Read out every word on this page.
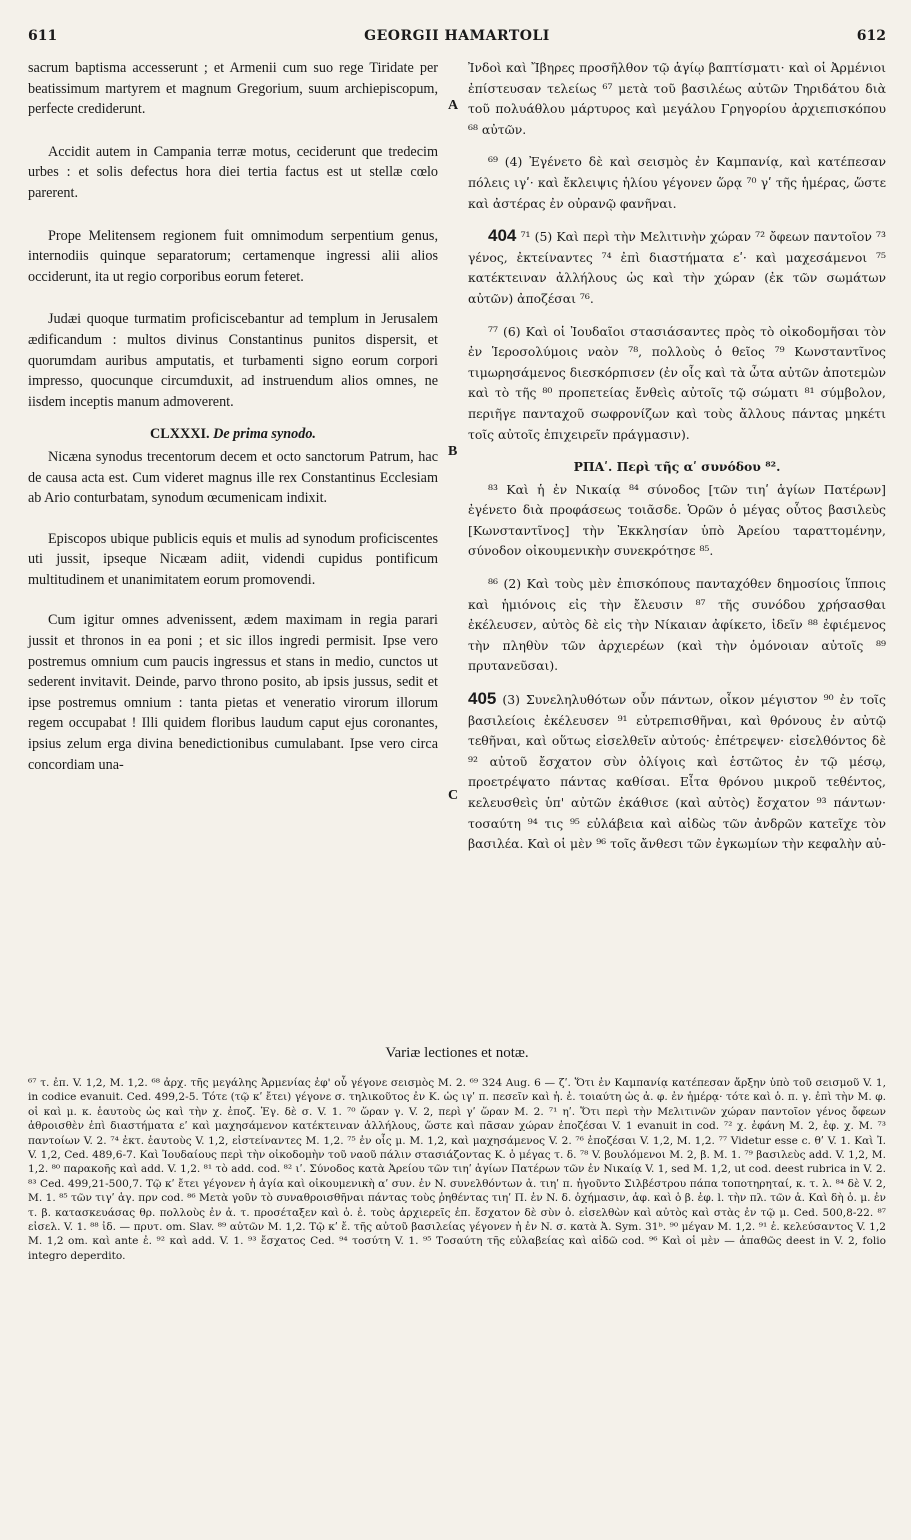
611	GEORGII HAMARTOLI	612

sacrum baptisma accesserunt ; et Armenii cum suo rege Tiridate per beatissimum martyrem et magnum Gregorium, suum archiepiscopum, perfecte crediderunt.

Accidit autem in Campania terræ motus, ceciderunt que tredecim urbes : et solis defectus hora diei tertia factus est ut stellæ cœlo parerent.

Prope Melitensem regionem fuit omnimodum serpentium genus, internodiis quinque separatorum; certamenque ingressi alii alios occiderunt, ita ut regio corporibus eorum feteret.

Judæi quoque turmatim proficiscebantur ad templum in Jerusalem ædificandum : multos divinus Constantinus punitos dispersit, et quorumdam auribus amputatis, et turbamenti signo eorum corpori impresso, quocunque circumduxit, ad instruendum alios omnes, ne iisdem inceptis manum admoverent.

CLXXXI. De prima synodo.

Nicæna synodus trecentorum decem et octo sanctorum Patrum, hac de causa acta est. Cum videret magnus ille rex Constantinus Ecclesiam ab Ario conturbatam, synodum œcumenicam indixit.

Episcopos ubique publicis equis et mulis ad synodum proficiscentes uti jussit, ipseque Nicæam adiit, videndi cupidus pontificum multitudinem et unanimitatem eorum promovendi.

Cum igitur omnes advenissent, ædem maximam in regia parari jussit et thronos in ea poni ; et sic illos ingredi permisit. Ipse vero postremus omnium cum paucis ingressus et stans in medio, cunctos ut sederent invitavit. Deinde, parvo throno posito, ab ipsis jussus, sedit et ipse postremus omnium : tanta pietas et veneratio virorum illorum regem occupabat ! Illi quidem floribus laudum caput ejus coronantes, ipsius zelum erga divina benedictionibus cumulabant. Ipse vero circa concordiam una-

A
B
C

Ἰνδοὶ καὶ Ἴβηρες προσῆλθον τῷ ἁγίῳ βαπτίσματι· καὶ οἱ Ἀρμένιοι ἐπίστευσαν τελείως ⁶⁷ μετὰ τοῦ βασιλέως αὐτῶν Τηριδάτου διὰ τοῦ πολυάθλου μάρτυρος καὶ μεγάλου Γρηγορίου ἀρχιεπισκόπου ⁶⁸ αὐτῶν.

⁶⁹ (4) Ἐγένετο δὲ καὶ σεισμὸς ἐν Καμπανίᾳ, καὶ κατέπεσαν πόλεις ιγʹ· καὶ ἔκλειψις ἡλίου γέγονεν ὥρᾳ ⁷⁰ γʹ τῆς ἡμέρας, ὥστε καὶ ἀστέρας ἐν οὐρανῷ φανῆναι.

404 ⁷¹ (5) Καὶ περὶ τὴν Μελιτινὴν χώραν ⁷² ὄφεων παντοῖον ⁷³ γένος, ἐκτείναντες ⁷⁴ ἐπὶ διαστήματα εʹ· καὶ μαχεσάμενοι ⁷⁵ κατέκτειναν ἀλλήλους ὡς καὶ τὴν χώραν (ἐκ τῶν σωμάτων αὐτῶν) ἀποζέσαι ⁷⁶.

⁷⁷ (6) Καὶ οἱ Ἰουδαῖοι στασιάσαντες πρὸς τὸ οἰκοδομῆσαι τὸν ἐν Ἱεροσολύμοις ναὸν ⁷⁸, πολλοὺς ὁ θεῖος ⁷⁹ Κωνσταντῖνος τιμωρησάμενος διεσκόρπισεν (ἐν οἷς καὶ τὰ ὦτα αὐτῶν ἀποτεμὼν καὶ τὸ τῆς ⁸⁰ προπετείας ἔνθεὶς αὐτοῖς τῷ σώματι ⁸¹ σύμβολον, περιῆγε πανταχοῦ σωφρονίζων καὶ τοὺς ἄλλους πάντας μηκέτι τοῖς αὐτοῖς ἐπιχειρεῖν πράγμασιν).

ΡΠΑʹ. Περὶ τῆς αʹ συνόδου ⁸².

⁸³ Καὶ ἡ ἐν Νικαίᾳ ⁸⁴ σύνοδος [τῶν τιηʹ ἁγίων Πατέρων] ἐγένετο διὰ προφάσεως τοιᾶσδε. Ὁρῶν ὁ μέγας οὗτος βασιλεὺς [Κωνσταντῖνος] τὴν Ἐκκλησίαν ὑπὸ Ἀρείου ταραττομένην, σύνοδον οἰκουμενικὴν συνεκρότησε ⁸⁵.

⁸⁶ (2) Καὶ τοὺς μὲν ἐπισκόπους πανταχόθεν δημοσίοις ἵπποις καὶ ἡμιόνοις εἰς τὴν ἔλευσιν ⁸⁷ τῆς συνόδου χρήσασθαι ἐκέλευσεν, αὐτὸς δὲ εἰς τὴν Νίκαιαν ἀφίκετο, ἰδεῖν ⁸⁸ ἐφιέμενος τὴν πληθὺν τῶν ἀρχιερέων (καὶ τὴν ὁμόνοιαν αὐτοῖς ⁸⁹ πρυτανεῦσαι).

405 (3) Συνεληλυθότων οὖν πάντων, οἶκον μέγιστον ⁹⁰ ἐν τοῖς βασιλείοις ἐκέλευσεν ⁹¹ εὐτρεπισθῆναι, καὶ θρόνους ἐν αὐτῷ τεθῆναι, καὶ οὕτως εἰσελθεῖν αὐτούς· ἐπέτρεψεν· εἰσελθόντος δὲ ⁹² αὐτοῦ ἔσχατον σὺν ὀλίγοις καὶ ἑστῶτος ἐν τῷ μέσῳ, προετρέψατο πάντας καθίσαι. Εἶτα θρόνου μικροῦ τεθέντος, κελευσθεὶς ὑπ' αὐτῶν ἐκάθισε (καὶ αὐτὸς) ἔσχατον ⁹³ πάντων· τοσαύτη ⁹⁴ τις ⁹⁵ εὐλάβεια καὶ αἰδὼς τῶν ἀνδρῶν κατεῖχε τὸν βασιλέα. Καὶ οἱ μὲν ⁹⁶ τοῖς ἄνθεσι τῶν ἐγκωμίων τὴν κεφαλὴν αὐ-

Variæ lectiones et notæ.

⁶⁷ τ. ἐπ. V. 1,2, M. 1,2. ⁶⁸ ἀρχ. τῆς μεγάλης Ἀρμενίας ἐφ' οὗ γέγονε σεισμὸς M. 2. ⁶⁹ 324 Aug. 6 — ζʹ. Ὅτι ἐν Καμπανίᾳ κατέπεσαν ἄρξην ὑπὸ τοῦ σεισμοῦ V. 1, in codice evanuit. Ced. 499,2-5. Τότε (τῷ κʹ ἔτει) γέγονε σ. τηλικοῦτος ἐν K. ὡς ιγʹ π. πεσεῖν καὶ ἡ. ἐ. τοιαύτη ὡς ἀ. φ. ἐν ἡμέρᾳ· τότε καὶ ὁ. π. γ. ἐπὶ τὴν M. φ. οἱ καὶ μ. κ. ἑαυτοὺς ὡς καὶ τὴν χ. ἐποζ. Ἐγ. δὲ σ. V. 1. ⁷⁰ ὥραν γ. V. 2, περὶ γʹ ὥραν M. 2. ⁷¹ ηʹ. Ὅτι περὶ τὴν Μελιτινῶν χώραν παντοῖον γένος ὄφεων ἀθροισθὲν ἐπὶ διαστήματα εʹ καὶ μαχησάμενον κατέκτειναν ἀλλήλους, ὥστε καὶ πᾶσαν χώραν ἐποζέσαι V. 1 evanuit in cod. ⁷² χ. ἐφάνη M. 2, ἐφ. χ. M. ⁷³ παντοίων V. 2. ⁷⁴ ἐκτ. ἑαυτοὺς V. 1,2, εἰστείναντες M. 1,2. ⁷⁵ ἐν οἷς μ. M. 1,2, καὶ μαχησάμενος V. 2. ⁷⁶ ἐποζέσαι V. 1,2, M. 1,2. ⁷⁷ Videtur esse c. θʹ V. 1. Καὶ Ἰ. V. 1,2, Ced. 489,6-7. Καὶ Ἰουδαίους περὶ τὴν οἰκοδομὴν τοῦ ναοῦ πάλιν στασιάζοντας K. ὁ μέγας τ. δ. ⁷⁸ V. βουλόμενοι M. 2, β. M. 1. ⁷⁹ βασιλεὺς add. V. 1,2, M. 1,2. ⁸⁰ παρακοῆς καὶ add. V. 1,2. ⁸¹ τὸ add. cod. ⁸² ιʹ. Σύνοδος κατὰ Ἀρείου τῶν τιηʹ ἁγίων Πατέρων τῶν ἐν Νικαίᾳ V. 1, sed M. 1,2, ut cod. deest rubrica in V. 2. ⁸³ Ced. 499,21-500,7. Τῷ κʹ ἔτει γέγονεν ἡ ἁγία καὶ οἰκουμενικὴ αʹ συν. ἐν N. συνελθόντων ἁ. τιηʹ π. ἡγοῦντο Σιλβέστρου πάπα τοποτηρηταί, κ. τ. λ. ⁸⁴ δὲ V. 2, M. 1. ⁸⁵ τῶν τιγʹ ἁγ. πρν cod. ⁸⁶ Μετὰ γοῦν τὸ συναθροισθῆναι πάντας τοὺς ῥηθέντας τιηʹ Π. ἐν N. δ. ὀχήμασιν, ἀφ. καὶ ὁ β. ἐφ. l. τὴν πλ. τῶν ἀ. Καὶ δὴ ὁ. μ. ἐν τ. β. κατασκευάσας θρ. πολλοὺς ἐν ἀ. τ. προσέταξεν καὶ ὁ. ἐ. τοὺς ἀρχιερεῖς ἐπ. ἔσχατον δὲ σὺν ὀ. εἰσελθὼν καὶ αὐτὸς καὶ στὰς ἐν τῷ μ. Ced. 500,8-22. ⁸⁷ εἰσελ. V. 1. ⁸⁸ ἰδ. — πρυτ. om. Slav. ⁸⁹ αὐτῶν M. 1,2. Τῷ κʹ ἔ. τῆς αὐτοῦ βασιλείας γέγονεν ἡ ἐν N. σ. κατὰ Ἀ. Sym. 31ᵇ. ⁹⁰ μέγαν M. 1,2. ⁹¹ ἐ. κελεύσαντος V. 1,2 M. 1,2 om. καὶ ante ἐ. ⁹² καὶ add. V. 1. ⁹³ ἔσχατος Ced. ⁹⁴ τοσύτη V. 1. ⁹⁵ Τοσαύτη τῆς εὐλαβείας καὶ αἰδῶ cod. ⁹⁶ Καὶ οἱ μὲν — ἀπαθῶς deest in V. 2, folio integro deperdito.
